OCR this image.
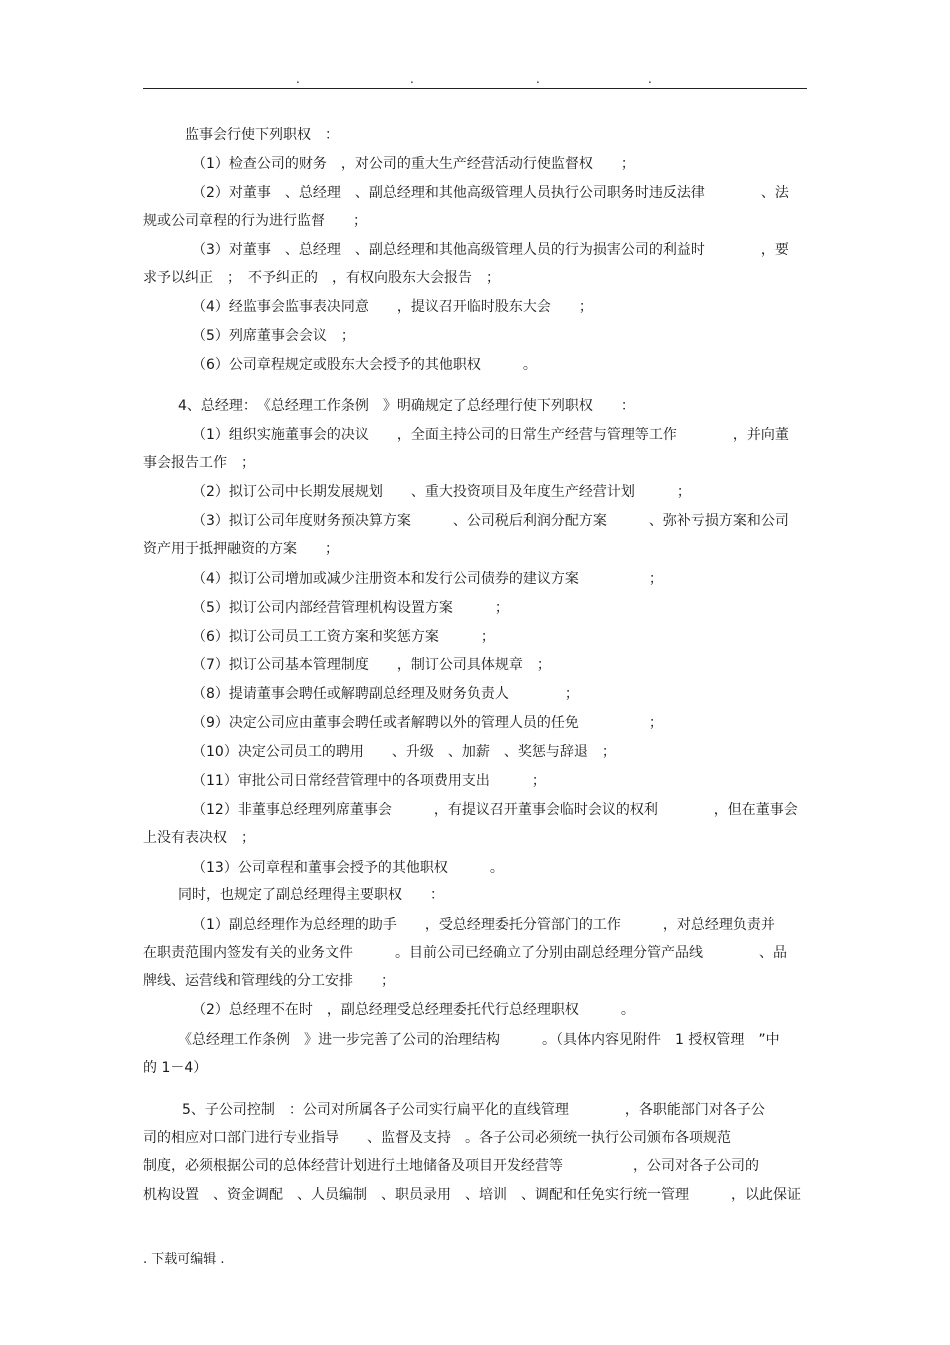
.	.	.	.
监事会行使下列职权　：
（1）检查公司的财务　，对公司的重大生产经营活动行使监督权　　；
（2）对董事　、总经理　、副总经理和其他高级管理人员执行公司职务时违反法律　　　　、法
规或公司章程的行为进行监督　　；
（3）对董事　、总经理　、副总经理和其他高级管理人员的行为损害公司的利益时　　　　，要
求予以纠正　；　不予纠正的　，有权向股东大会报告　；
（4）经监事会监事表决同意　　，提议召开临时股东大会　　；
（5）列席董事会会议　；
（6）公司章程规定或股东大会授予的其他职权　　　。
4、总经理：　《总经理工作条例　》明确规定了总经理行使下列职权　　：
（1）组织实施董事会的决议　　，全面主持公司的日常生产经营与管理等工作　　　　，并向董
事会报告工作　；
（2）拟订公司中长期发展规划　　、重大投资项目及年度生产经营计划　　　；
（3）拟订公司年度财务预决算方案　　　、公司税后利润分配方案　　　、弥补亏损方案和公司
资产用于抵押融资的方案　　；
（4）拟订公司增加或减少注册资本和发行公司债券的建议方案　　　　　；
（5）拟订公司内部经营管理机构设置方案　　　；
（6）拟订公司员工工资方案和奖惩方案　　　；
（7）拟订公司基本管理制度　　，制订公司具体规章　；
（8）提请董事会聘任或解聘副总经理及财务负责人　　　　；
（9）决定公司应由董事会聘任或者解聘以外的管理人员的任免　　　　　；
（10）决定公司员工的聘用　　、升级　、加薪　、奖惩与辞退　；
（11）审批公司日常经营管理中的各项费用支出　　　；
（12）非董事总经理列席董事会　　　，有提议召开董事会临时会议的权利　　　　，但在董事会
上没有表决权　；
（13）公司章程和董事会授予的其他职权　　　。
同时，也规定了副总经理得主要职权　　：
（1）副总经理作为总经理的助手　　，受总经理委托分管部门的工作　　　，对总经理负责并
在职责范围内签发有关的业务文件　　　。目前公司已经确立了分别由副总经理分管产品线　　　　、品
牌线、运营线和管理线的分工安排　　；
（2）总经理不在时　，副总经理受总经理委托代行总经理职权　　　。
《总经理工作条例　》进一步完善了公司的治理结构　　　。（具体内容见附件　1 授权管理　”中
的 1－4）
5、子公司控制　：公司对所属各子公司实行扁平化的直线管理　　　　，各职能部门对各子公
司的相应对口部门进行专业指导　　、监督及支持　。各子公司必须统一执行公司颁布各项规范
制度，必须根据公司的总体经营计划进行土地储备及项目开发经营等　　　　　，公司对各子公司的
机构设置　、资金调配　、人员编制　、职员录用　、培训　、调配和任免实行统一管理　　　，以此保证
. 下载可编辑 .
